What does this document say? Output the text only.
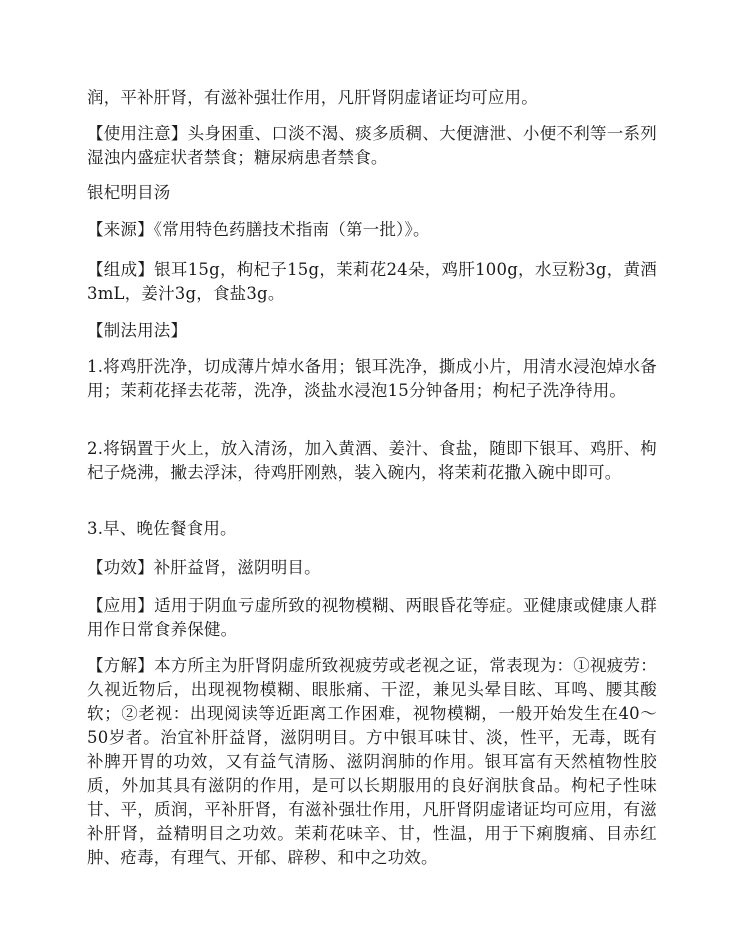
润，平补肝肾，有滋补强壮作用，凡肝肾阴虚诸证均可应用。

【使用注意】头身困重、口淡不渴、痰多质稠、大便溏泄、小便不利等一系列湿浊内盛症状者禁食；糖尿病患者禁食。

银杞明目汤

【来源】《常用特色药膳技术指南（第一批）》。

【组成】银耳15g，枸杞子15g，茉莉花24朵，鸡肝100g，水豆粉3g，黄酒3mL，姜汁3g，食盐3g。

【制法用法】

1.将鸡肝洗净，切成薄片焯水备用；银耳洗净，撕成小片，用清水浸泡焯水备用；茉莉花择去花蒂，洗净，淡盐水浸泡15分钟备用；枸杞子洗净待用。

2.将锅置于火上，放入清汤，加入黄酒、姜汁、食盐，随即下银耳、鸡肝、枸杞子烧沸，撇去浮沫，待鸡肝刚熟，装入碗内，将茉莉花撒入碗中即可。

3.早、晚佐餐食用。

【功效】补肝益肾，滋阴明目。

【应用】适用于阴血亏虚所致的视物模糊、两眼昏花等症。亚健康或健康人群用作日常食养保健。

【方解】本方所主为肝肾阴虚所致视疲劳或老视之证，常表现为：①视疲劳：久视近物后，出现视物模糊、眼胀痛、干涩，兼见头晕目眩、耳鸣、腰其酸软；②老视：出现阅读等近距离工作困难，视物模糊，一般开始发生在40～50岁者。治宜补肝益肾，滋阴明目。方中银耳味甘、淡，性平，无毒，既有补脾开胃的功效，又有益气清肠、滋阴润肺的作用。银耳富有天然植物性胶质，外加其具有滋阴的作用，是可以长期服用的良好润肤食品。枸杞子性味甘、平，质润，平补肝肾，有滋补强壮作用，凡肝肾阴虚诸证均可应用，有滋补肝肾，益精明目之功效。茉莉花味辛、甘，性温，用于下痢腹痛、目赤红肿、疮毒，有理气、开郁、辟秽、和中之功效。
